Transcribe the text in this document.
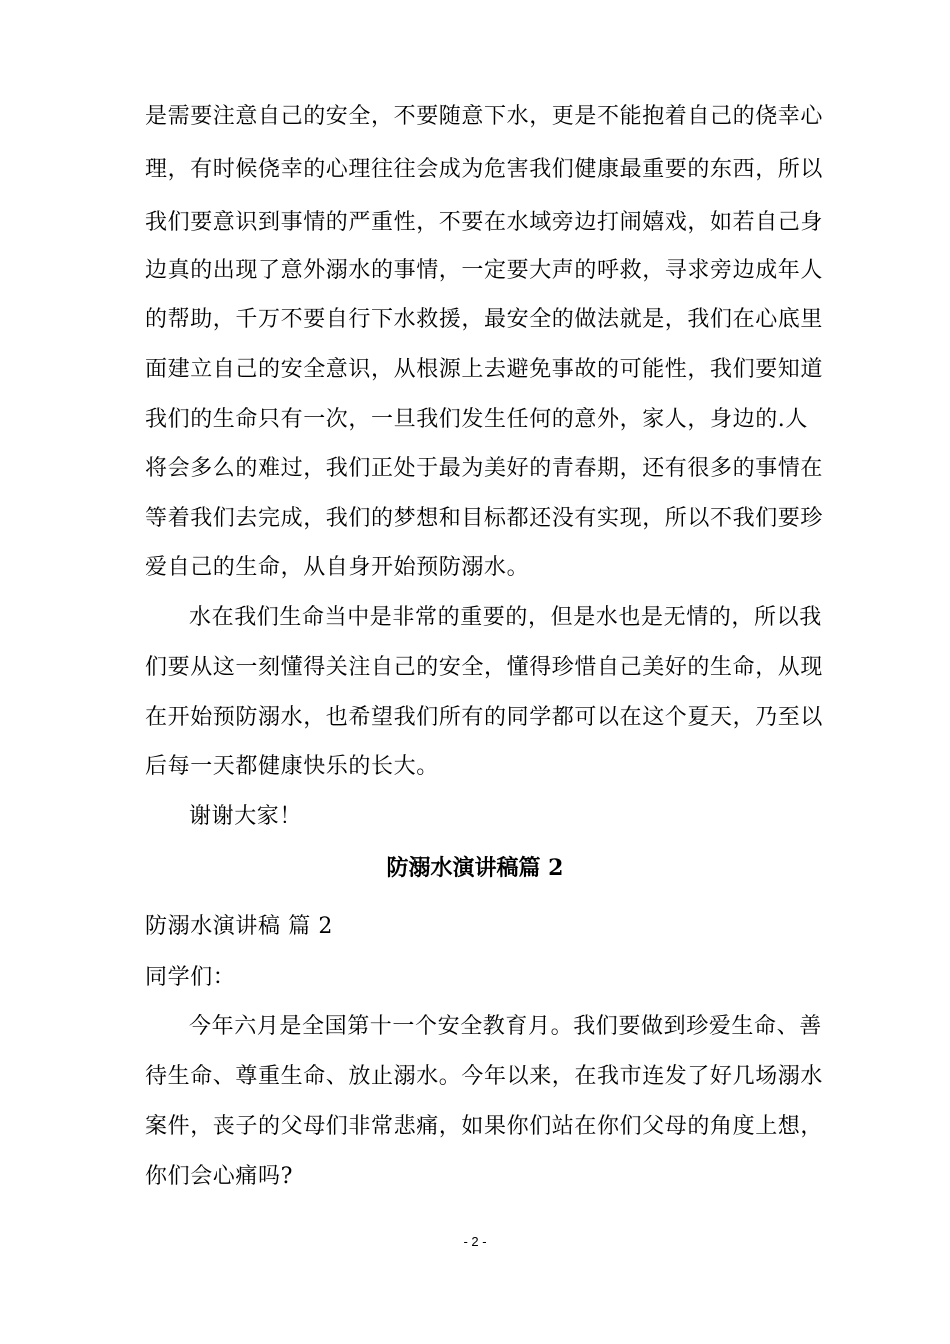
是需要注意自己的安全，不要随意下水，更是不能抱着自己的侥幸心
理，有时候侥幸的心理往往会成为危害我们健康最重要的东西，所以
我们要意识到事情的严重性，不要在水域旁边打闹嬉戏，如若自己身
边真的出现了意外溺水的事情，一定要大声的呼救，寻求旁边成年人
的帮助，千万不要自行下水救援，最安全的做法就是，我们在心底里
面建立自己的安全意识，从根源上去避免事故的可能性，我们要知道
我们的生命只有一次，一旦我们发生任何的意外，家人，身边的.人
将会多么的难过，我们正处于最为美好的青春期，还有很多的事情在
等着我们去完成，我们的梦想和目标都还没有实现，所以不我们要珍
爱自己的生命，从自身开始预防溺水。
水在我们生命当中是非常的重要的，但是水也是无情的，所以我
们要从这一刻懂得关注自己的安全，懂得珍惜自己美好的生命，从现
在开始预防溺水，也希望我们所有的同学都可以在这个夏天，乃至以
后每一天都健康快乐的长大。
谢谢大家！
防溺水演讲稿篇 2
防溺水演讲稿 篇 2
同学们：
今年六月是全国第十一个安全教育月。我们要做到珍爱生命、善
待生命、尊重生命、放止溺水。今年以来，在我市连发了好几场溺水
案件，丧子的父母们非常悲痛，如果你们站在你们父母的角度上想，
你们会心痛吗?
- 2 -
